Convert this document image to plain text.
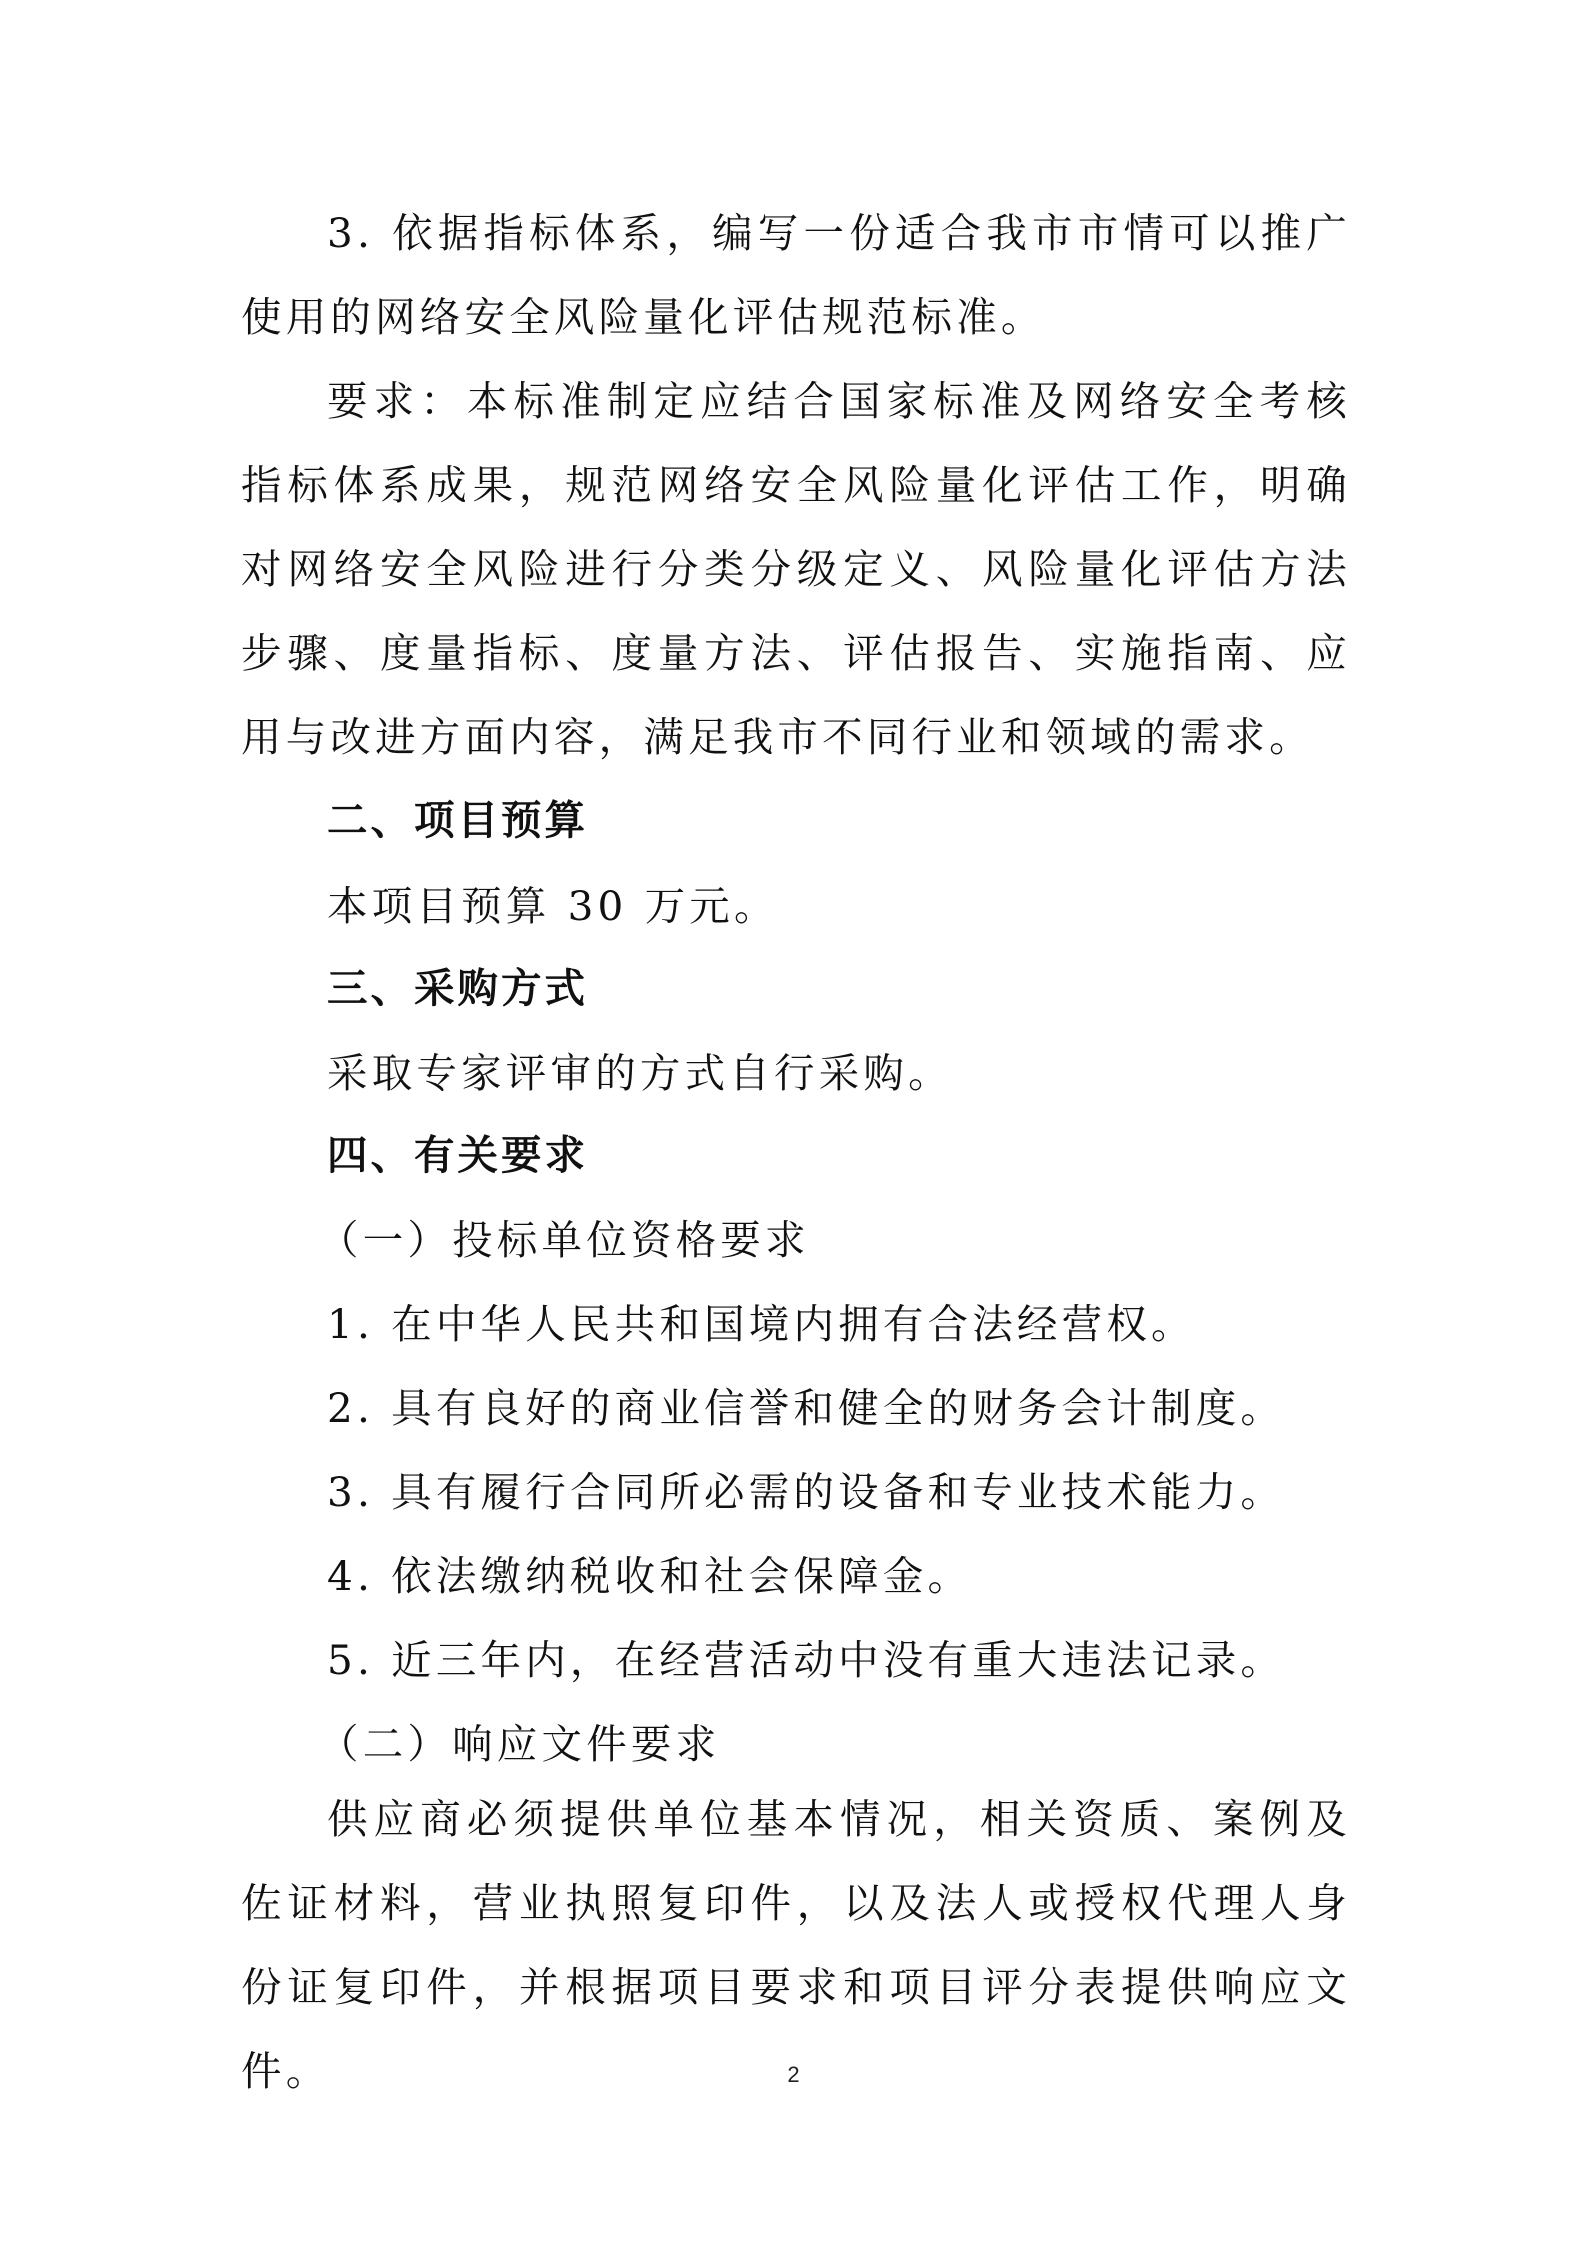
3. 依据指标体系，编写一份适合我市市情可以推广使用的网络安全风险量化评估规范标准。

要求：本标准制定应结合国家标准及网络安全考核指标体系成果，规范网络安全风险量化评估工作，明确对网络安全风险进行分类分级定义、风险量化评估方法步骤、度量指标、度量方法、评估报告、实施指南、应用与改进方面内容，满足我市不同行业和领域的需求。

二、项目预算

本项目预算 30 万元。

三、采购方式

采取专家评审的方式自行采购。

四、有关要求

（一）投标单位资格要求

1. 在中华人民共和国境内拥有合法经营权。

2. 具有良好的商业信誉和健全的财务会计制度。

3. 具有履行合同所必需的设备和专业技术能力。

4. 依法缴纳税收和社会保障金。

5. 近三年内，在经营活动中没有重大违法记录。

（二）响应文件要求

供应商必须提供单位基本情况，相关资质、案例及佐证材料，营业执照复印件，以及法人或授权代理人身份证复印件，并根据项目要求和项目评分表提供响应文件。	2
